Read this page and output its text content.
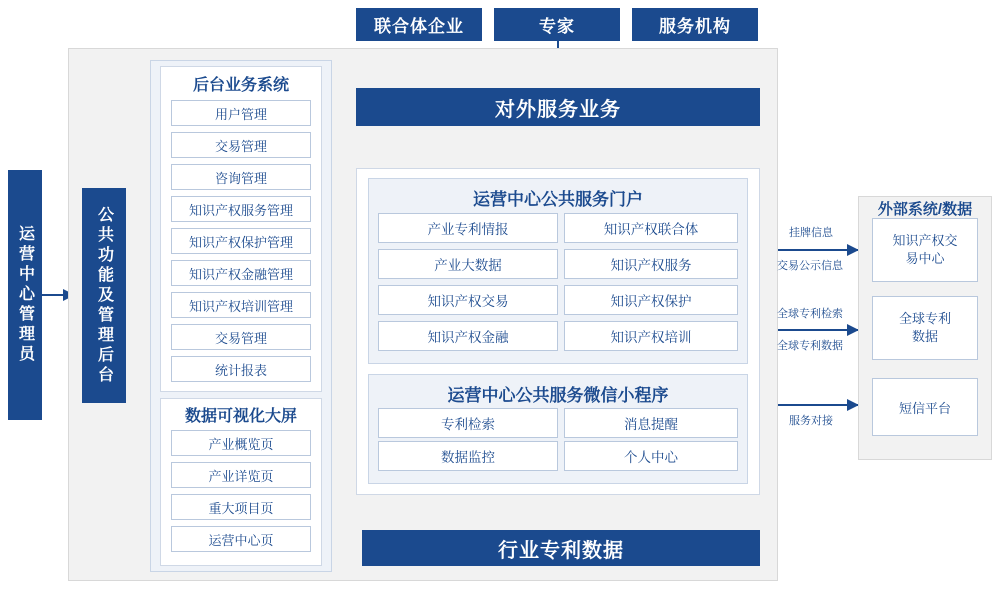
联合体企业	专家	服务机构
对外服务业务
运营中心管理员	公共功能及管理后台
后台业务系统
用户管理
交易管理
咨询管理
知识产权服务管理
知识产权保护管理
知识产权金融管理
知识产权培训管理
交易管理
统计报表
数据可视化大屏
产业概览页
产业详览页
重大项目页
运营中心页
运营中心公共服务门户
产业专利情报	知识产权联合体
产业大数据	知识产权服务
知识产权交易	知识产权保护
知识产权金融	知识产权培训
运营中心公共服务微信小程序
专利检索	消息提醒
数据监控	个人中心
行业专利数据
外部系统/数据
知识产权交易中心
全球专利数据
短信平台
挂牌信息
交易公示信息
全球专利检索
全球专利数据
服务对接
